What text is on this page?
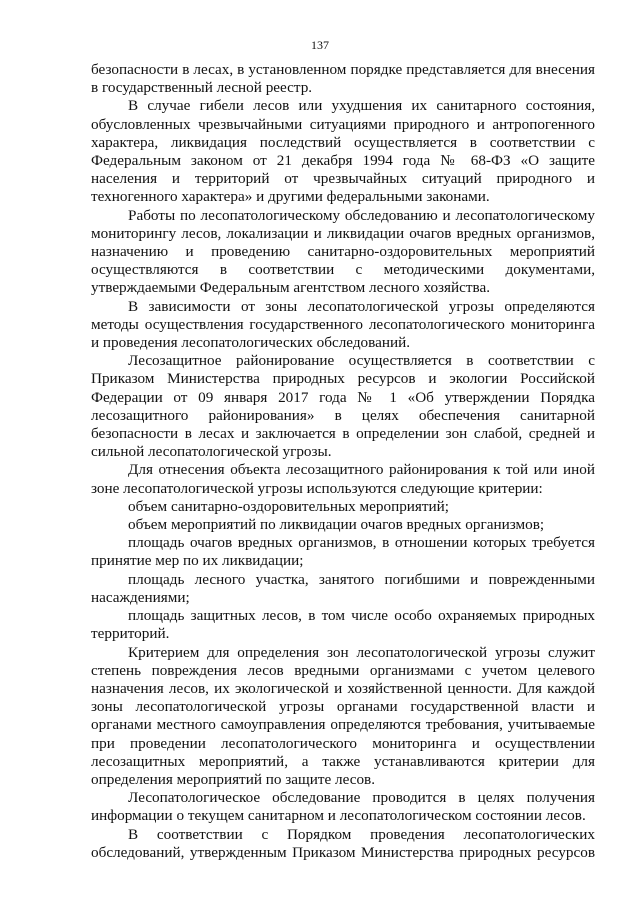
137

безопасности в лесах, в установленном порядке представляется для внесения в государственный лесной реестр.

В случае гибели лесов или ухудшения их санитарного состояния, обусловленных чрезвычайными ситуациями природного и антропогенного характера, ликвидация последствий осуществляется в соответствии с Федеральным законом от 21 декабря 1994 года № 68-ФЗ «О защите населения и территорий от чрезвычайных ситуаций природного и техногенного характера» и другими федеральными законами.

Работы по лесопатологическому обследованию и лесопатологическому мониторингу лесов, локализации и ликвидации очагов вредных организмов, назначению и проведению санитарно-оздоровительных мероприятий осуществляются в соответствии с методическими документами, утверждаемыми Федеральным агентством лесного хозяйства.

В зависимости от зоны лесопатологической угрозы определяются методы осуществления государственного лесопатологического мониторинга и проведения лесопатологических обследований.

Лесозащитное районирование осуществляется в соответствии с Приказом Министерства природных ресурсов и экологии Российской Федерации от 09 января 2017 года № 1 «Об утверждении Порядка лесозащитного районирования» в целях обеспечения санитарной безопасности в лесах и заключается в определении зон слабой, средней и сильной лесопатологической угрозы.

Для отнесения объекта лесозащитного районирования к той или иной зоне лесопатологической угрозы используются следующие критерии:

объем санитарно-оздоровительных мероприятий;

объем мероприятий по ликвидации очагов вредных организмов;

площадь очагов вредных организмов, в отношении которых требуется принятие мер по их ликвидации;

площадь лесного участка, занятого погибшими и поврежденными насаждениями;

площадь защитных лесов, в том числе особо охраняемых природных территорий.

Критерием для определения зон лесопатологической угрозы служит степень повреждения лесов вредными организмами с учетом целевого назначения лесов, их экологической и хозяйственной ценности. Для каждой зоны лесопатологической угрозы органами государственной власти и органами местного самоуправления определяются требования, учитываемые при проведении лесопатологического мониторинга и осуществлении лесозащитных мероприятий, а также устанавливаются критерии для определения мероприятий по защите лесов.

Лесопатологическое обследование проводится в целях получения информации о текущем санитарном и лесопатологическом состоянии лесов.

В соответствии с Порядком проведения лесопатологических обследований, утвержденным Приказом Министерства природных ресурсов
